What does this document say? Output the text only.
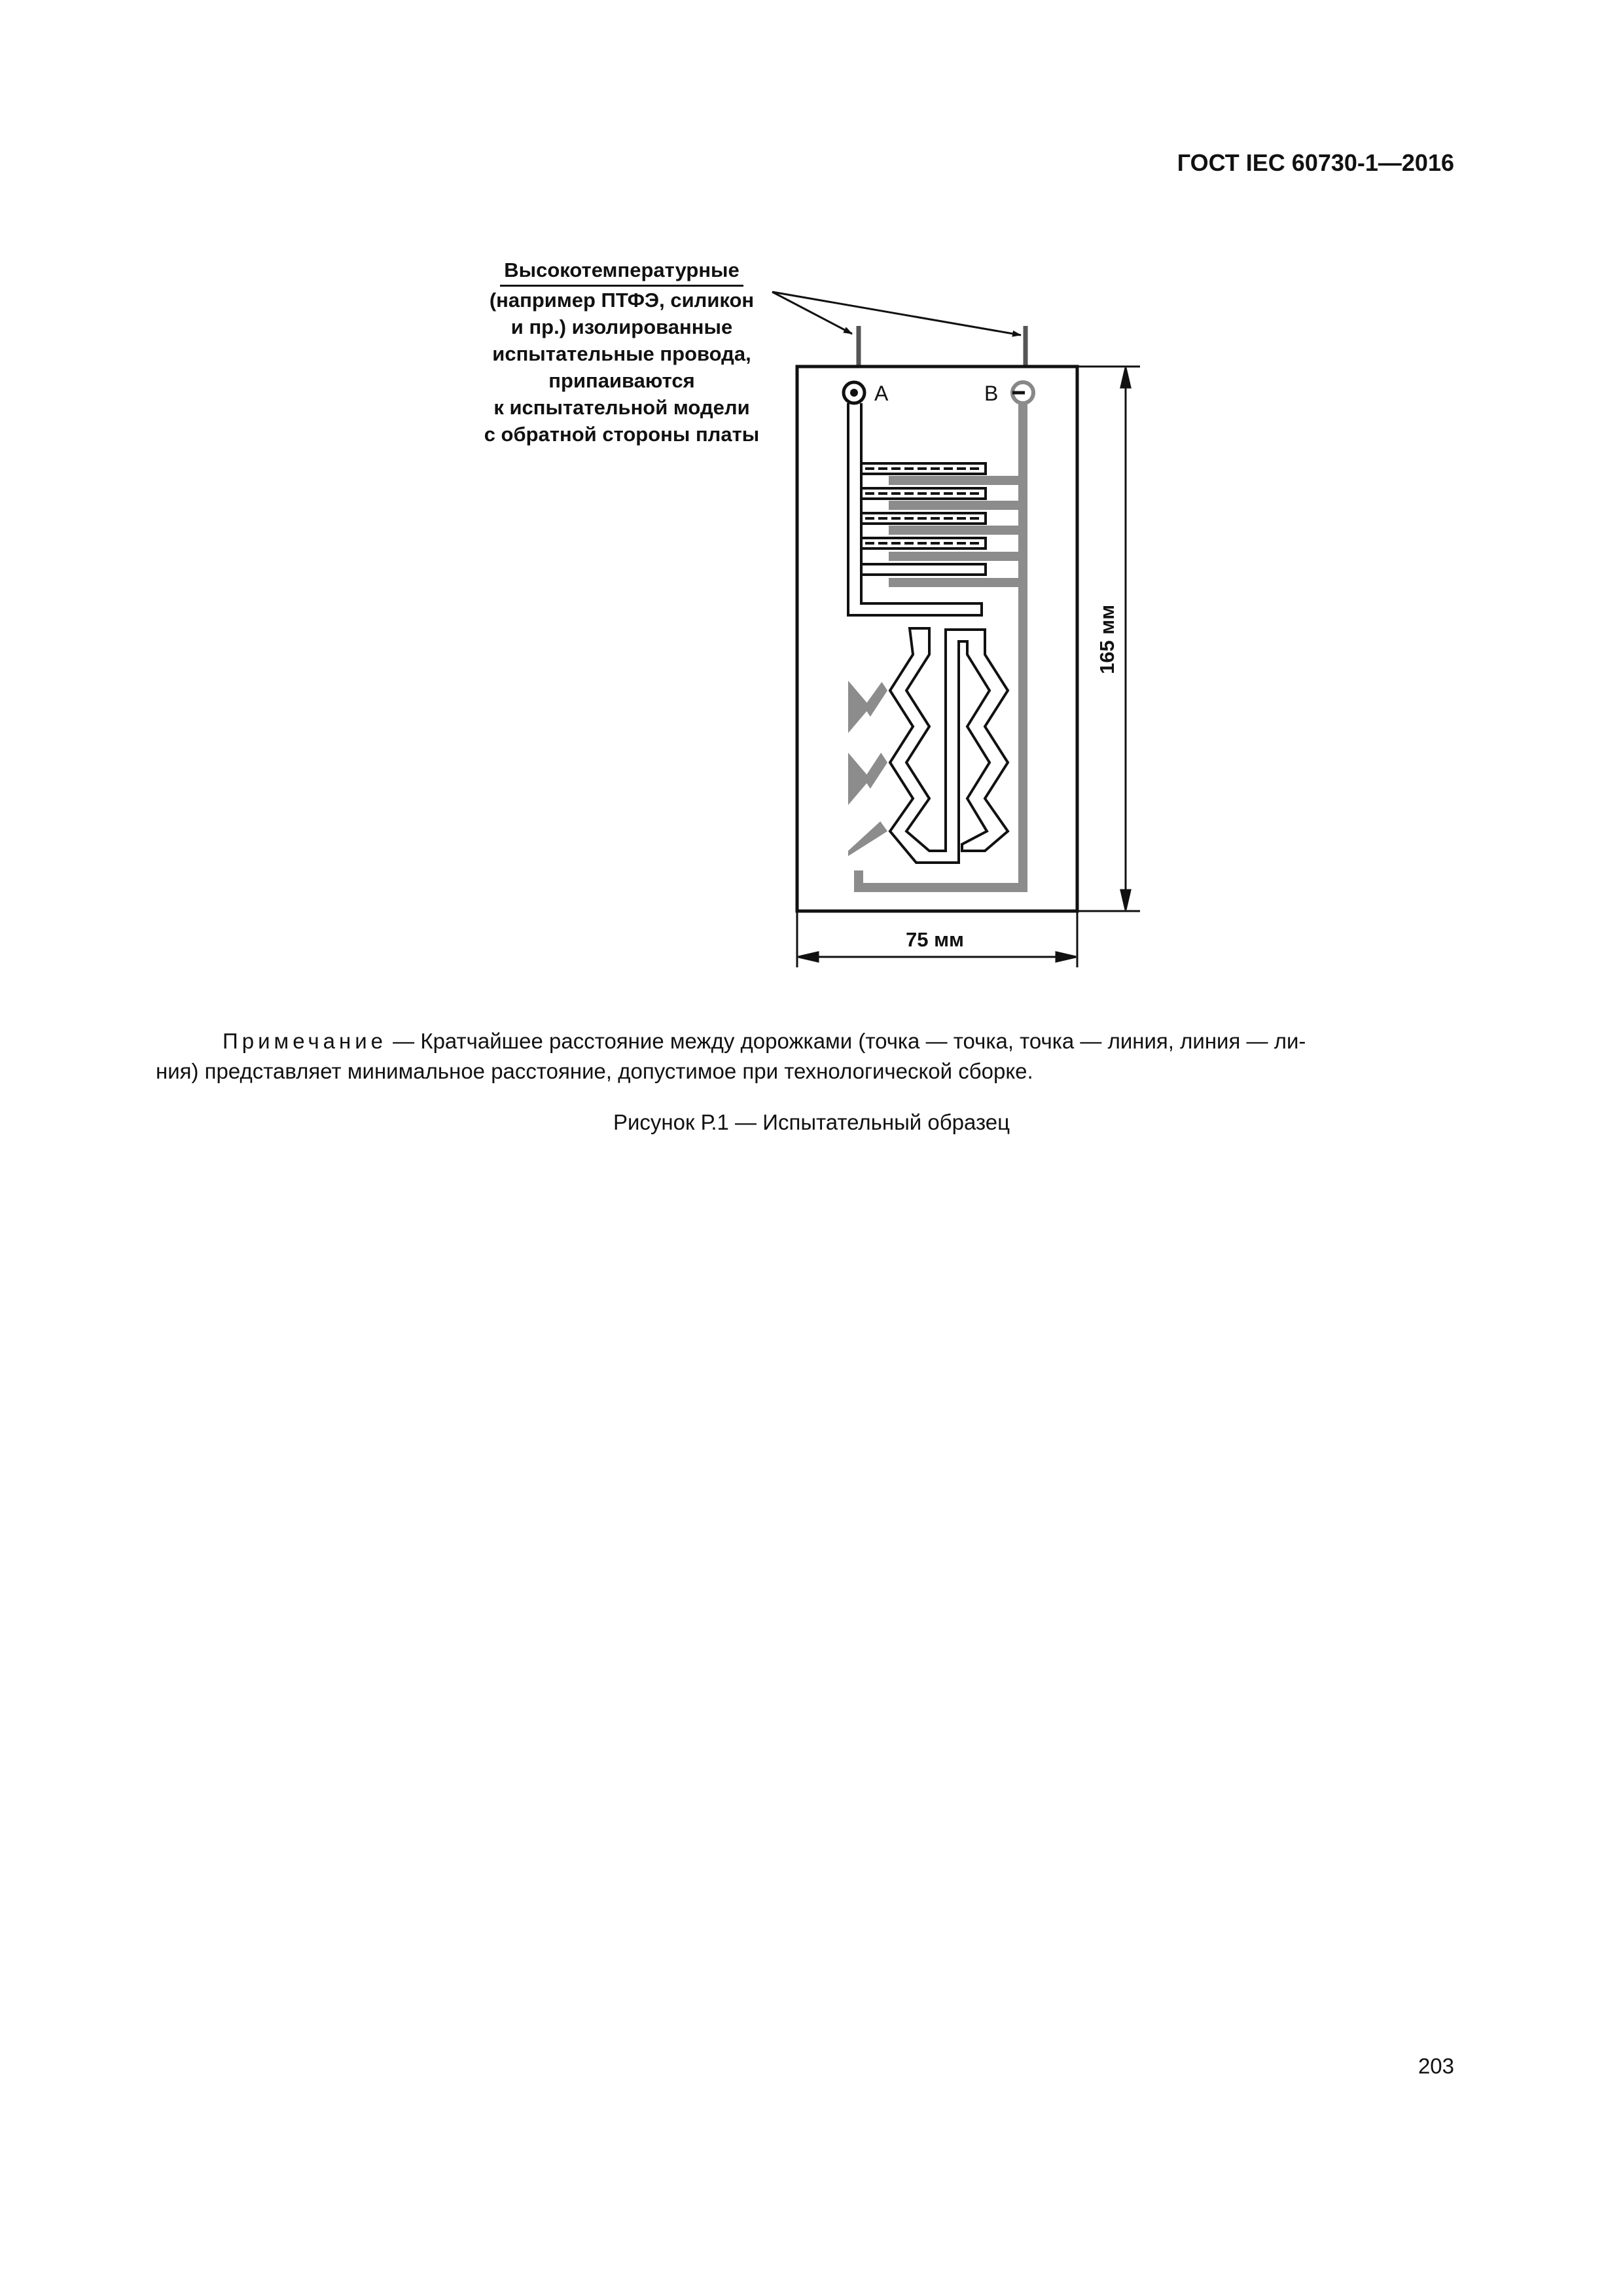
ГОСТ IEC 60730-1—2016
A	B
165 мм
75 мм
Высокотемпературные
(например ПТФЭ, силикон
и пр.) изолированные
испытательные провода,
припаиваются
к испытательной модели
с обратной стороны платы
Примечание — Кратчайшее расстояние между дорожками (точка — точка, точка — линия, линия — ли-
ния) представляет минимальное расстояние, допустимое при технологической сборке.
Рисунок Р.1 — Испытательный образец
203
